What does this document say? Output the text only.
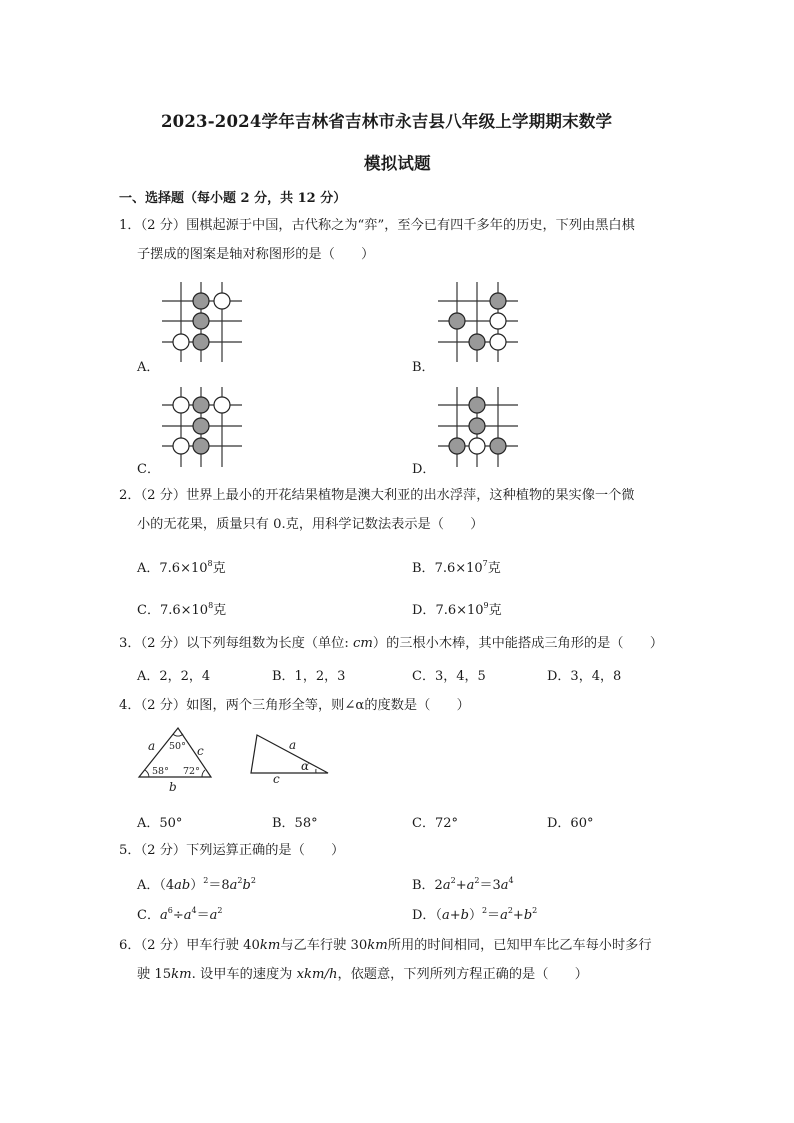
2023-2024学年吉林省吉林市永吉县八年级上学期期末数学
模拟试题
一、选择题（每小题 2 分，共 12 分）
1．（2 分）围棋起源于中国，古代称之为“弈”，至今已有四千多年的历史，下列由黑白棋
子摆成的图案是轴对称图形的是（　　）
A．	B．
C．	D．
2．（2 分）世界上最小的开花结果植物是澳大利亚的出水浮萍，这种植物的果实像一个微
小的无花果，质量只有 0.克，用科学记数法表示是（　　）
A．$7.6\times 10^8$克	B．$7.6\times 10^7$克
C．$7.6\times 10^8$克	D．$7.6\times 10^9$克
3．（2 分）以下列每组数为长度（单位: cm）的三根小木棒，其中能搭成三角形的是（　　）
A．2，2，4	B．1，2，3	C．3，4，5	D．3，4，8
4．（2 分）如图，两个三角形全等，则∠α的度数是（　　）
50°
58° 72°
a	c
b
a
α
c
A．50°	B．58°	C．72°	D．60°
5．（2 分）下列运算正确的是（　　）
A．$(4ab)^2=8a^2b^2$	B．$2a^2+a^2=3a^4$
C．$a^6\div a^4=a^2$	D．$(a+b)^2=a^2+b^2$
6．（2 分）甲车行驶 40km与乙车行驶 30km所用的时间相同，已知甲车比乙车每小时多行
驶 15km. 设甲车的速度为 xkm/h，依题意，下列所列方程正确的是（　　）
